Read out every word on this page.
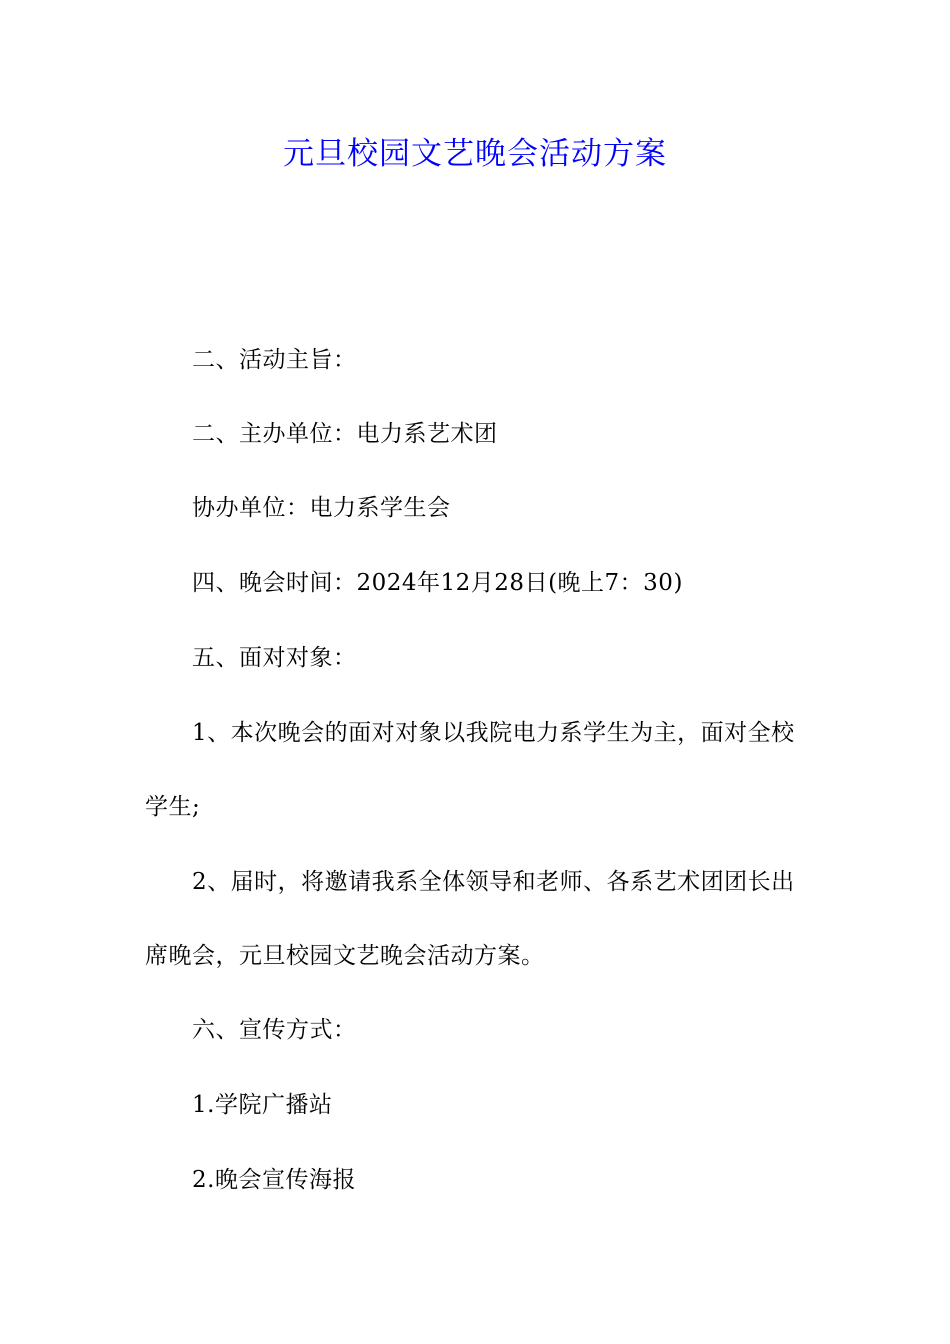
元旦校园文艺晚会活动方案

二、活动主旨：

二、主办单位：电力系艺术团

协办单位：电力系学生会

四、晚会时间：2024年12月28日(晚上7：30)

五、面对对象：

1、本次晚会的面对对象以我院电力系学生为主，面对全校学生;

2、届时，将邀请我系全体领导和老师、各系艺术团团长出席晚会，元旦校园文艺晚会活动方案。

六、宣传方式：

1.学院广播站

2.晚会宣传海报
